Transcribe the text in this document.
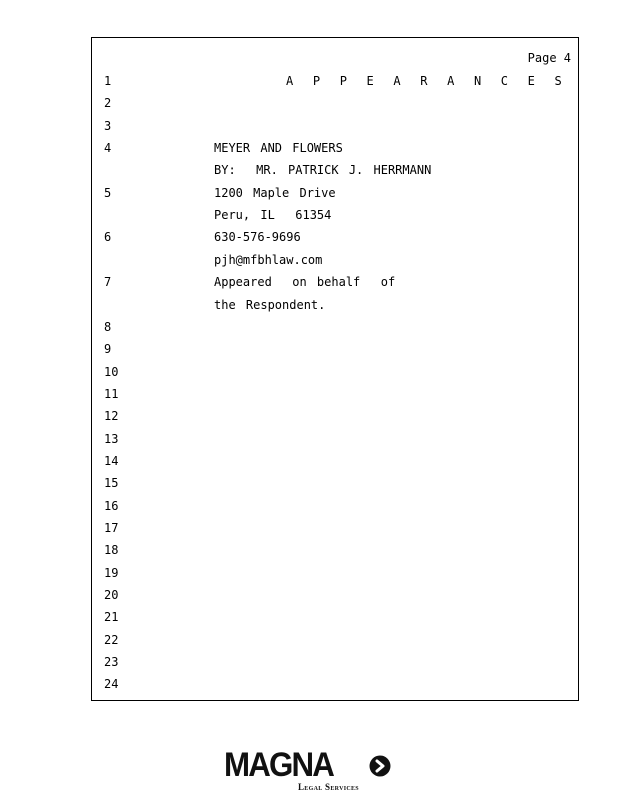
Page 4
1	A P P E A R A N C E S
2
3
4	MEYER AND FLOWERS
BY:  MR. PATRICK J. HERRMANN
5	1200 Maple Drive
Peru, IL  61354
6	630-576-9696
pjh@mfbhlaw.com
7	Appeared  on behalf  of
the Respondent.
8
9
10
11
12
13
14
15
16
17
18
19
20
21
22
23
24
MAGNA
Legal Services
